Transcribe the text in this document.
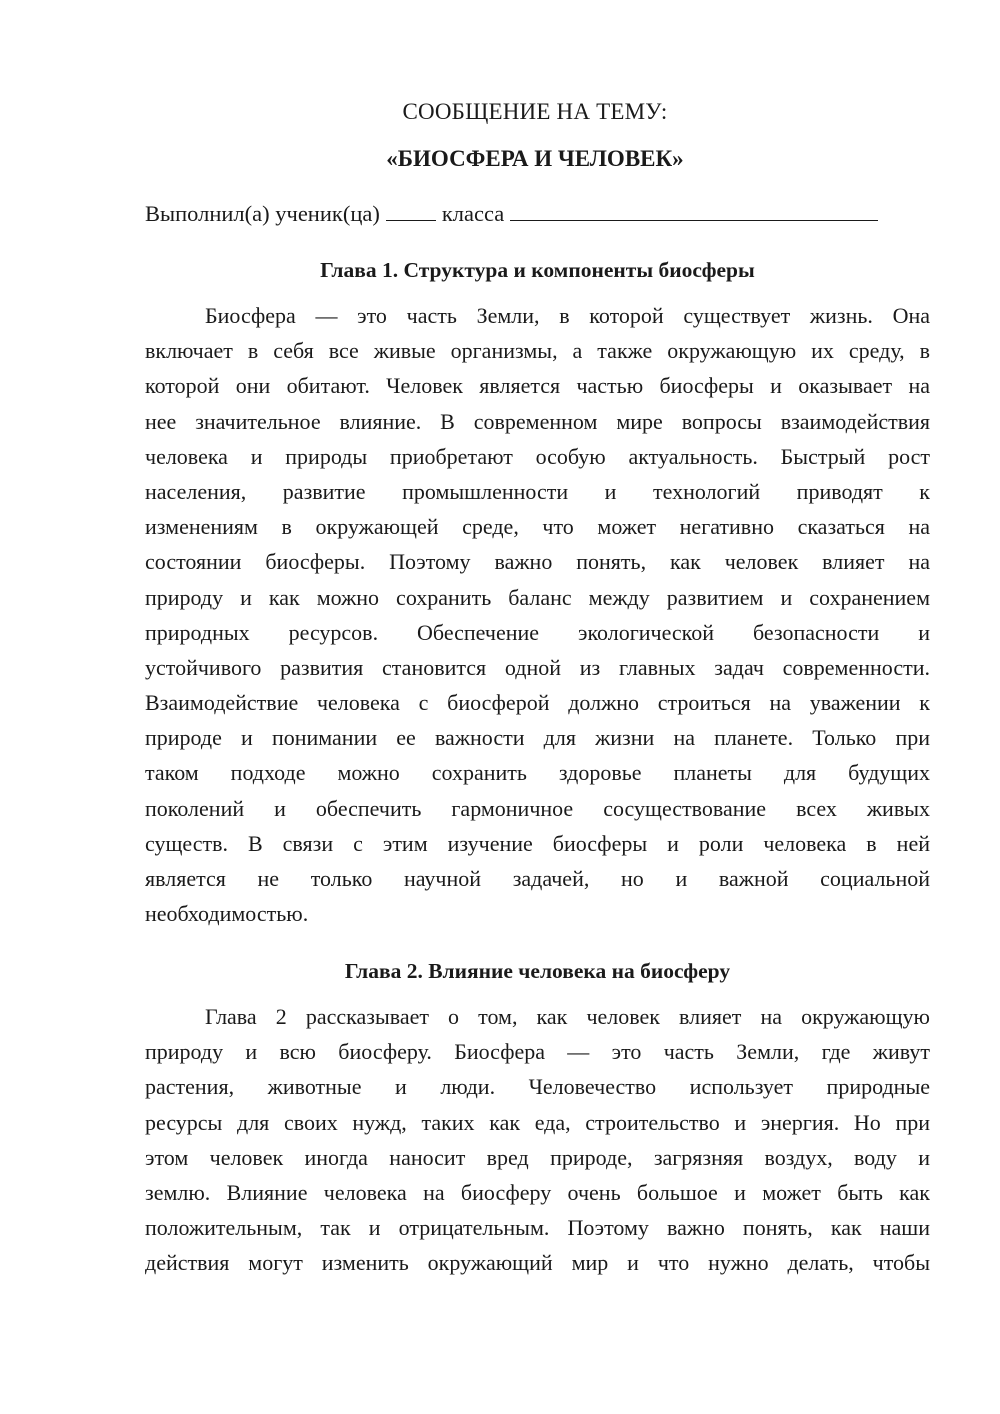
СООБЩЕНИЕ НА ТЕМУ:
«БИОСФЕРА И ЧЕЛОВЕК»
Выполнил(а) ученик(ца)	класса
Глава 1. Структура и компоненты биосферы
Биосфера — это часть Земли, в которой существует жизнь. Она
включает в себя все живые организмы, а также окружающую их среду, в
которой они обитают. Человек является частью биосферы и оказывает на
нее значительное влияние. В современном мире вопросы взаимодействия
человека и природы приобретают особую актуальность. Быстрый рост
населения, развитие промышленности и технологий приводят к
изменениям в окружающей среде, что может негативно сказаться на
состоянии биосферы. Поэтому важно понять, как человек влияет на
природу и как можно сохранить баланс между развитием и сохранением
природных ресурсов. Обеспечение экологической безопасности и
устойчивого развития становится одной из главных задач современности.
Взаимодействие человека с биосферой должно строиться на уважении к
природе и понимании ее важности для жизни на планете. Только при
таком подходе можно сохранить здоровье планеты для будущих
поколений и обеспечить гармоничное сосуществование всех живых
существ. В связи с этим изучение биосферы и роли человека в ней
является не только научной задачей, но и важной социальной
необходимостью.
Глава 2. Влияние человека на биосферу
Глава 2 рассказывает о том, как человек влияет на окружающую
природу и всю биосферу. Биосфера — это часть Земли, где живут
растения, животные и люди. Человечество использует природные
ресурсы для своих нужд, таких как еда, строительство и энергия. Но при
этом человек иногда наносит вред природе, загрязняя воздух, воду и
землю. Влияние человека на биосферу очень большое и может быть как
положительным, так и отрицательным. Поэтому важно понять, как наши
действия могут изменить окружающий мир и что нужно делать, чтобы
